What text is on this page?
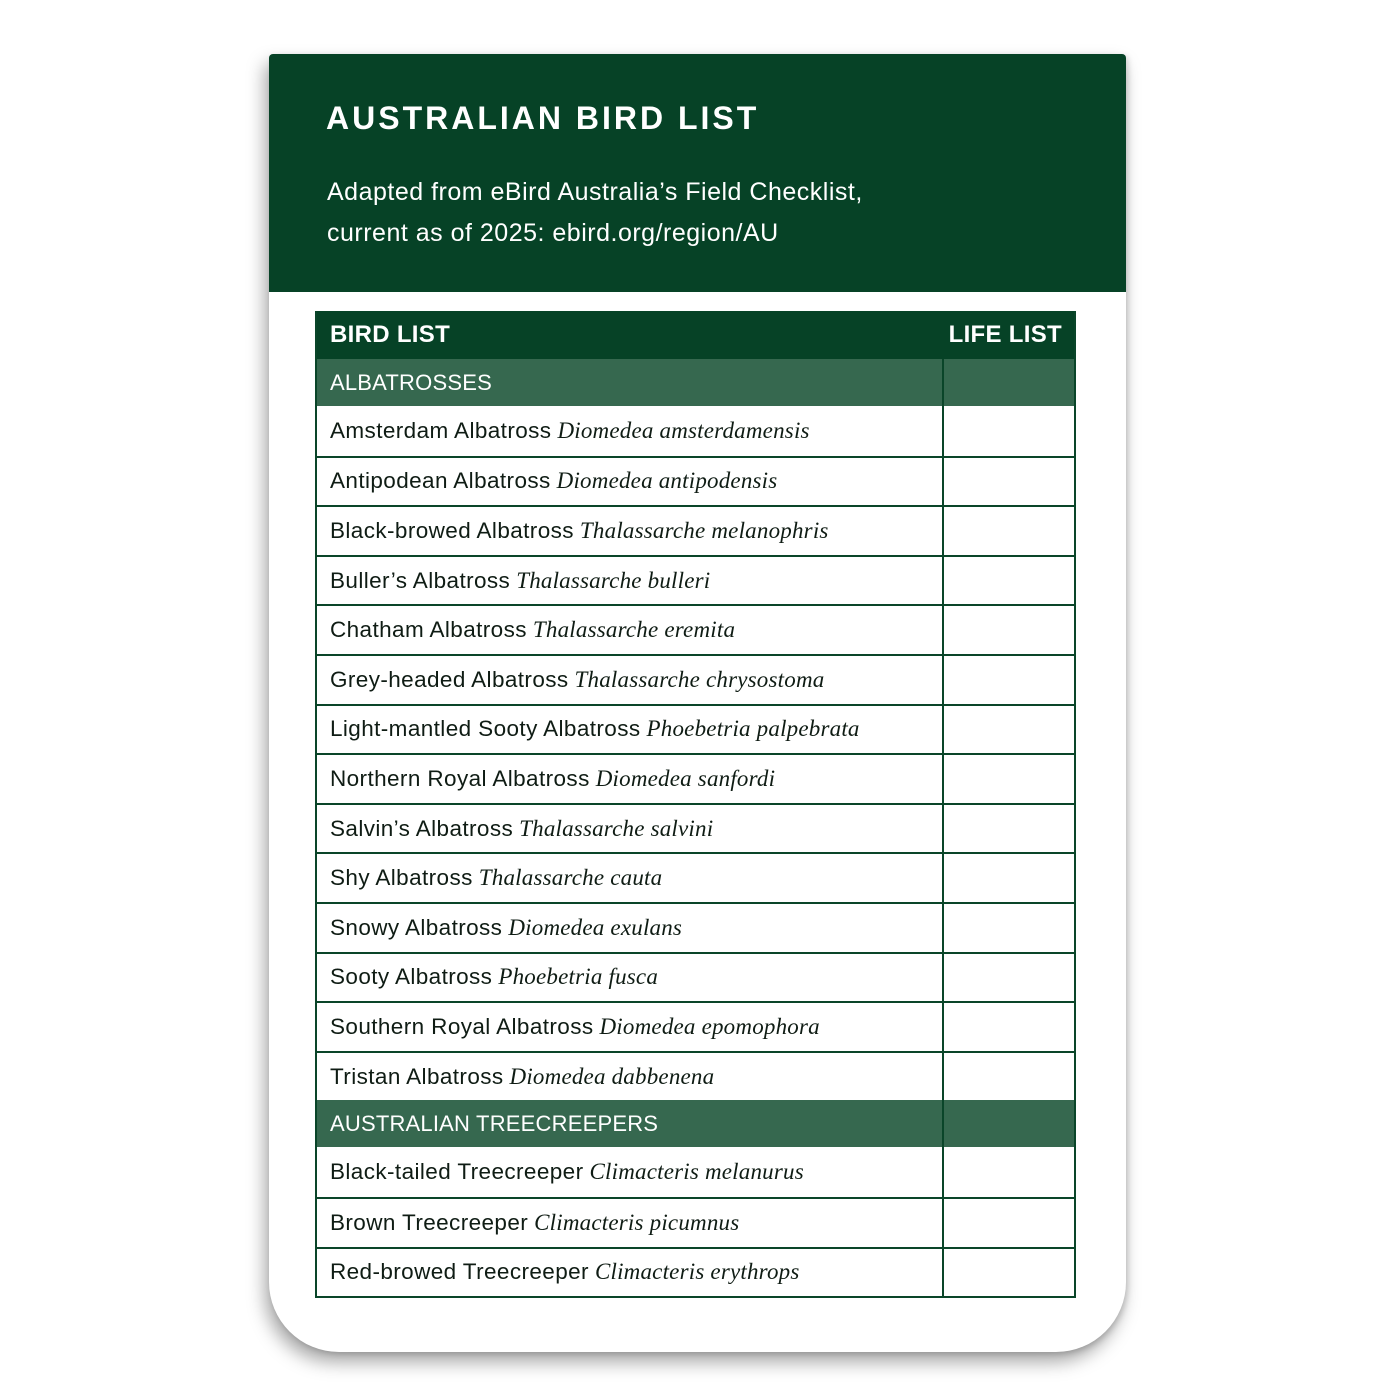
AUSTRALIAN BIRD LIST
Adapted from eBird Australia’s Field Checklist,
current as of 2025: ebird.org/region/AU
BIRD LIST	LIFE LIST
ALBATROSSES
Amsterdam Albatross Diomedea amsterdamensis
Antipodean Albatross Diomedea antipodensis
Black-browed Albatross Thalassarche melanophris
Buller’s Albatross Thalassarche bulleri
Chatham Albatross Thalassarche eremita
Grey-headed Albatross Thalassarche chrysostoma
Light-mantled Sooty Albatross Phoebetria palpebrata
Northern Royal Albatross Diomedea sanfordi
Salvin’s Albatross Thalassarche salvini
Shy Albatross Thalassarche cauta
Snowy Albatross Diomedea exulans
Sooty Albatross Phoebetria fusca
Southern Royal Albatross Diomedea epomophora
Tristan Albatross Diomedea dabbenena
AUSTRALIAN TREECREEPERS
Black-tailed Treecreeper Climacteris melanurus
Brown Treecreeper Climacteris picumnus
Red-browed Treecreeper Climacteris erythrops
